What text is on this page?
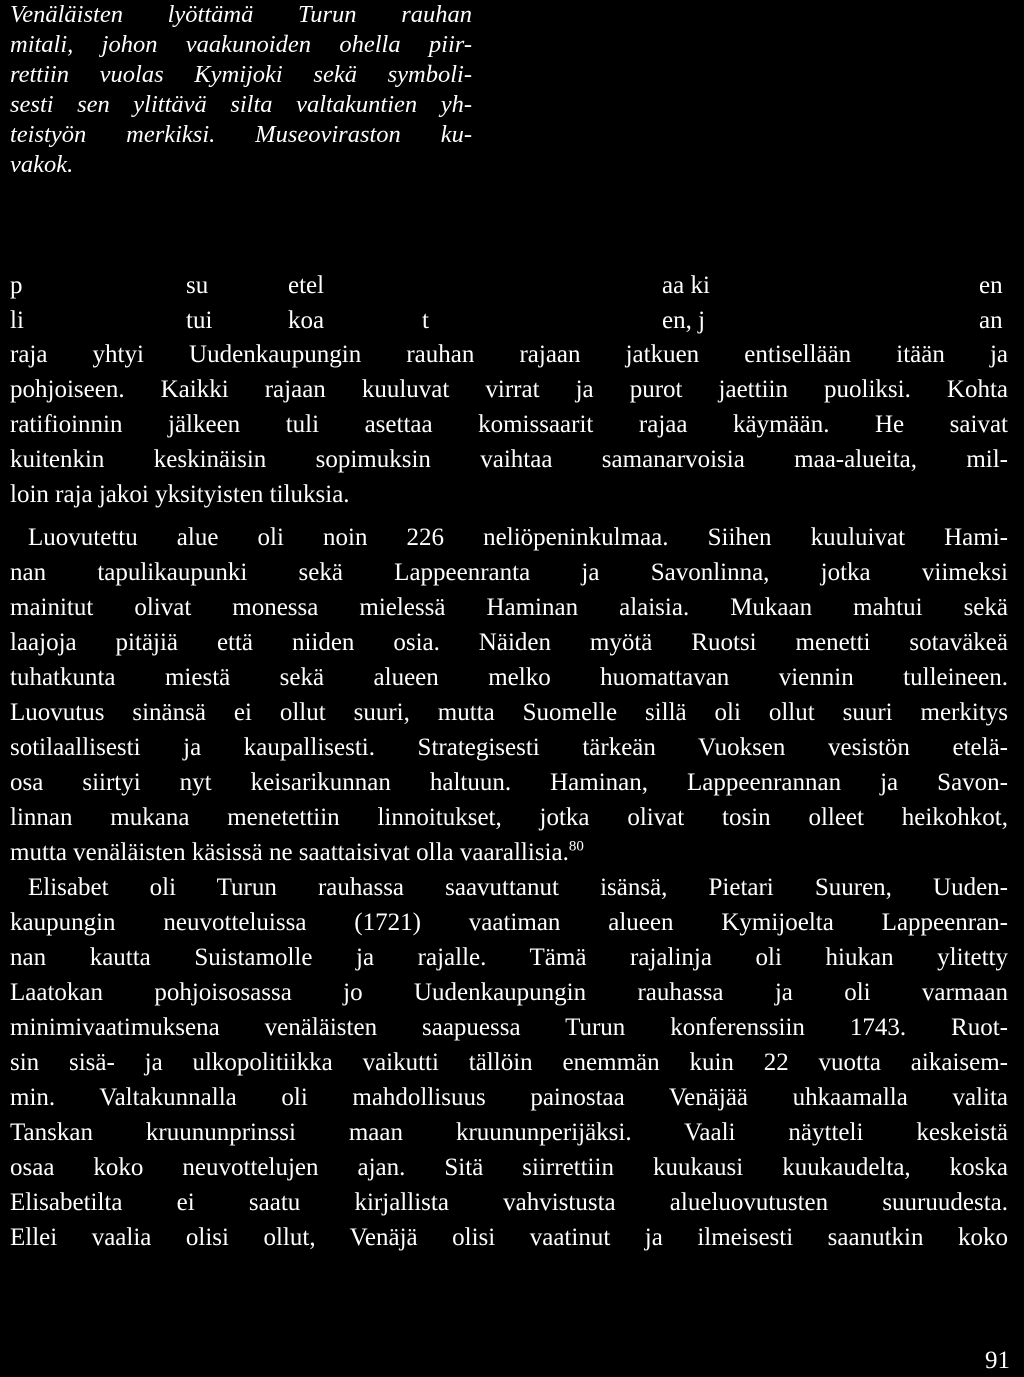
Venäläisten lyöttämä Turun rauhan
mitali, johon vaakunoiden ohella piir-
rettiin vuolas Kymijoki sekä symboli-
sesti sen ylittävä silta valtakuntien yh-
teistyön merkiksi. Museoviraston ku-
vakok.
p	su	etel	aa ki	en
li	tui	koa	t	en, j	an

raja yhtyi Uudenkaupungin rauhan rajaan jatkuen entisellään itään ja
pohjoiseen. Kaikki rajaan kuuluvat virrat ja purot jaettiin puoliksi. Kohta
ratifioinnin jälkeen tuli asettaa komissaarit rajaa käymään. He saivat
kuitenkin keskinäisin sopimuksin vaihtaa samanarvoisia maa-alueita, mil-
loin raja jakoi yksityisten tiluksia.

Luovutettu alue oli noin 226 neliöpeninkulmaa. Siihen kuuluivat Hami-
nan tapulikaupunki sekä Lappeenranta ja Savonlinna, jotka viimeksi
mainitut olivat monessa mielessä Haminan alaisia. Mukaan mahtui sekä
laajoja pitäjiä että niiden osia. Näiden myötä Ruotsi menetti sotaväkeä
tuhatkunta miestä sekä alueen melko huomattavan viennin tulleineen.
Luovutus sinänsä ei ollut suuri, mutta Suomelle sillä oli ollut suuri merkitys
sotilaallisesti ja kaupallisesti. Strategisesti tärkeän Vuoksen vesistön etelä-
osa siirtyi nyt keisarikunnan haltuun. Haminan, Lappeenrannan ja Savon-
linnan mukana menetettiin linnoitukset, jotka olivat tosin olleet heikohkot,
mutta venäläisten käsissä ne saattaisivat olla vaarallisia.$^{80}$

Elisabet oli Turun rauhassa saavuttanut isänsä, Pietari Suuren, Uuden-
kaupungin neuvotteluissa (1721) vaatiman alueen Kymijoelta Lappeenran-
nan kautta Suistamolle ja rajalle. Tämä rajalinja oli hiukan ylitetty
Laatokan pohjoisosassa jo Uudenkaupungin rauhassa ja oli varmaan
minimivaatimuksena venäläisten saapuessa Turun konferenssiin 1743. Ruot-
sin sisä- ja ulkopolitiikka vaikutti tällöin enemmän kuin 22 vuotta aikaisem-
min. Valtakunnalla oli mahdollisuus painostaa Venäjää uhkaamalla valita
Tanskan kruununprinssi maan kruununperijäksi. Vaali näytteli keskeistä
osaa koko neuvottelujen ajan. Sitä siirrettiin kuukausi kuukaudelta, koska
Elisabetilta ei saatu kirjallista vahvistusta alueluovutusten suuruudesta.
Ellei vaalia olisi ollut, Venäjä olisi vaatinut ja ilmeisesti saanutkin koko

91
